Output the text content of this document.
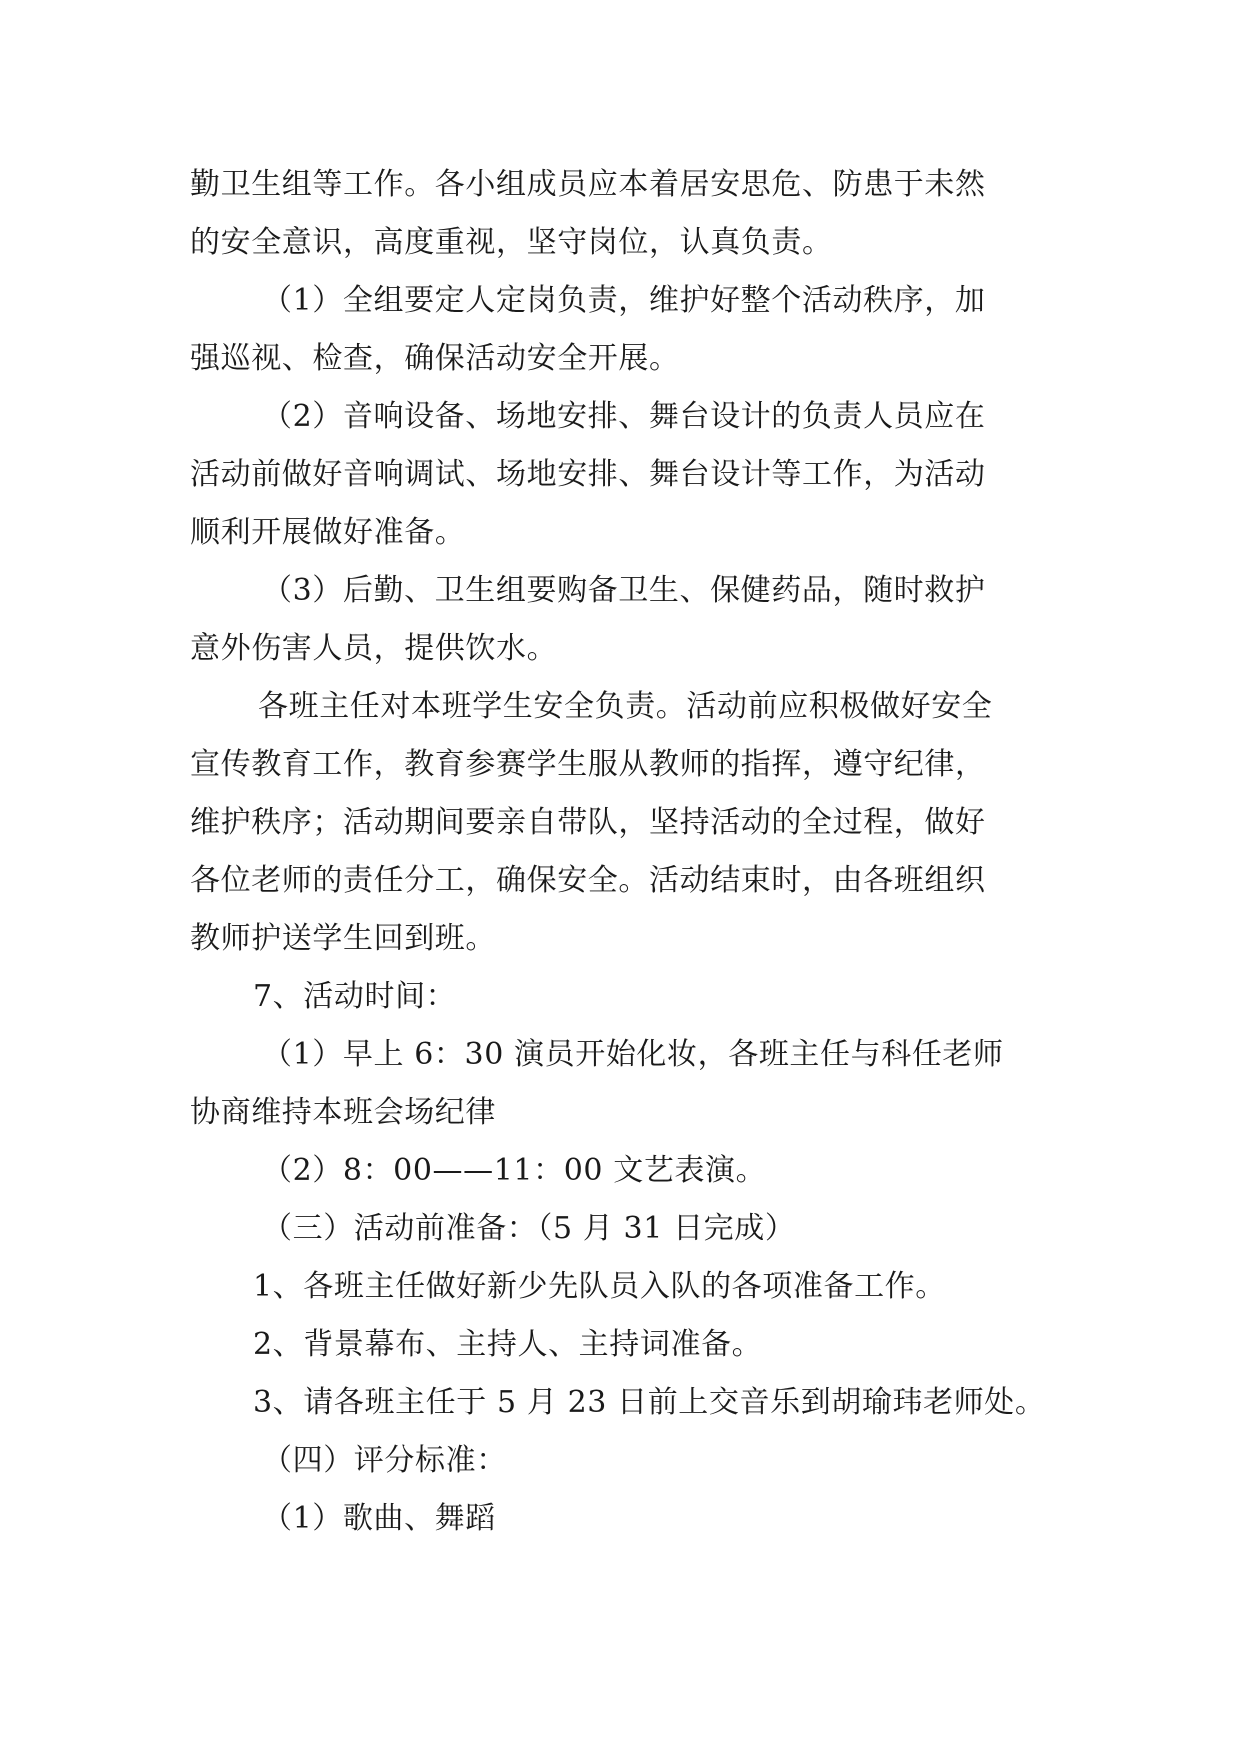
勤卫生组等工作。各小组成员应本着居安思危、防患于未然
的安全意识，高度重视，坚守岗位，认真负责。
（1）全组要定人定岗负责，维护好整个活动秩序，加
强巡视、检查，确保活动安全开展。
（2）音响设备、场地安排、舞台设计的负责人员应在
活动前做好音响调试、场地安排、舞台设计等工作，为活动
顺利开展做好准备。
（3）后勤、卫生组要购备卫生、保健药品，随时救护
意外伤害人员，提供饮水。
各班主任对本班学生安全负责。活动前应积极做好安全
宣传教育工作，教育参赛学生服从教师的指挥，遵守纪律，
维护秩序；活动期间要亲自带队，坚持活动的全过程，做好
各位老师的责任分工，确保安全。活动结束时，由各班组织
教师护送学生回到班。
7、活动时间：
（1）早上 6：30 演员开始化妆，各班主任与科任老师
协商维持本班会场纪律
（2）8：00——11：00 文艺表演。
（三）活动前准备：（5 月 31 日完成）
1、各班主任做好新少先队员入队的各项准备工作。
2、背景幕布、主持人、主持词准备。
3、请各班主任于 5 月 23 日前上交音乐到胡瑜玮老师处。
（四）评分标准：
（1）歌曲、舞蹈
